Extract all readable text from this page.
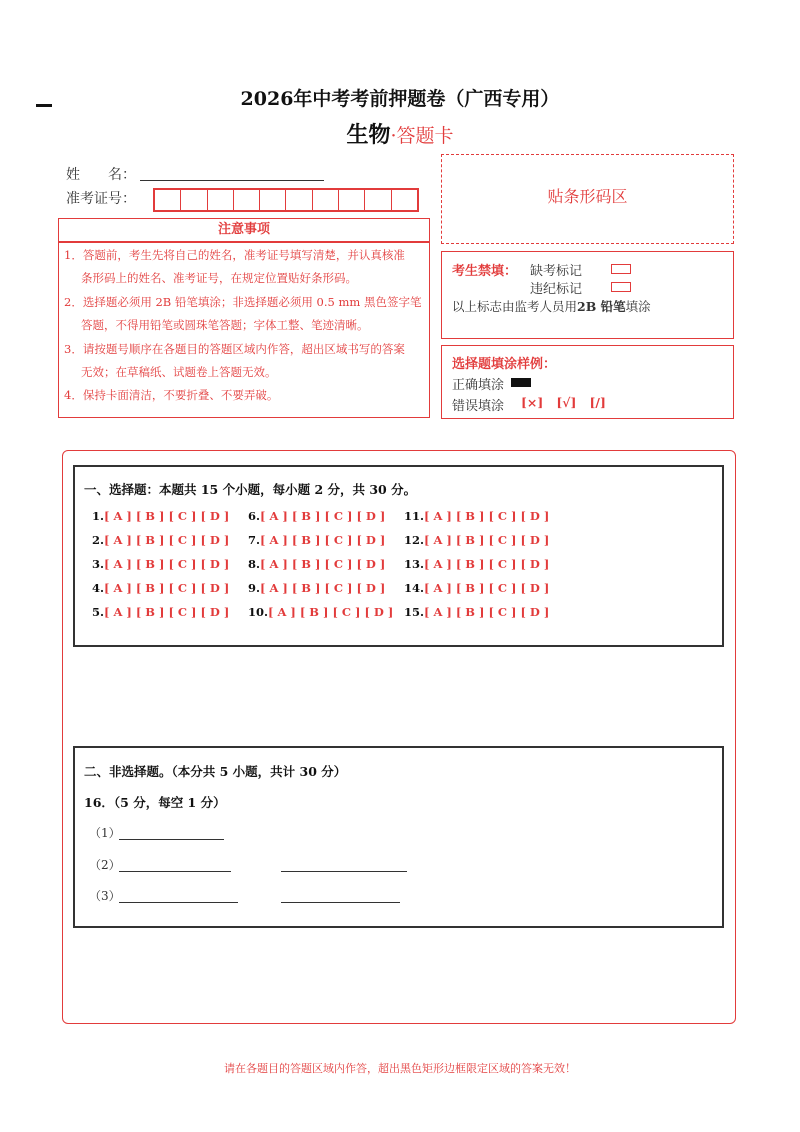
2026年中考考前押题卷（广西专用）
生物·答题卡
姓　　名：
准考证号：
注意事项
1．答题前，考生先将自己的姓名，准考证号填写清楚，并认真核准
条形码上的姓名、准考证号，在规定位置贴好条形码。
2．选择题必须用 2B 铅笔填涂；非选择题必须用 0.5 mm 黑色签字笔
答题，不得用铅笔或圆珠笔答题；字体工整、笔迹清晰。
3．请按题号顺序在各题目的答题区域内作答，超出区域书写的答案
无效；在草稿纸、试题卷上答题无效。
4．保持卡面清洁，不要折叠、不要弄破。
贴条形码区
考生禁填： 缺考标记
违纪标记
以上标志由监考人员用2B 铅笔填涂
选择题填涂样例：
正确填涂
错误填涂 [×] [√] [/]
一、选择题：本题共 15 个小题，每小题 2 分，共 30 分。
1.[ A ] [ B ] [ C ] [ D ] 6.[ A ] [ B ] [ C ] [ D ] 11.[ A ] [ B ] [ C ] [ D ]
2.[ A ] [ B ] [ C ] [ D ] 7.[ A ] [ B ] [ C ] [ D ] 12.[ A ] [ B ] [ C ] [ D ]
3.[ A ] [ B ] [ C ] [ D ] 8.[ A ] [ B ] [ C ] [ D ] 13.[ A ] [ B ] [ C ] [ D ]
4.[ A ] [ B ] [ C ] [ D ] 9.[ A ] [ B ] [ C ] [ D ] 14.[ A ] [ B ] [ C ] [ D ]
5.[ A ] [ B ] [ C ] [ D ] 10.[ A ] [ B ] [ C ] [ D ] 15.[ A ] [ B ] [ C ] [ D ]
二、非选择题。（本分共 5 小题，共计 30 分）
16．（5 分，每空 1 分）
（1）
（2）
（3）
请在各题目的答题区域内作答，超出黑色矩形边框限定区域的答案无效！
